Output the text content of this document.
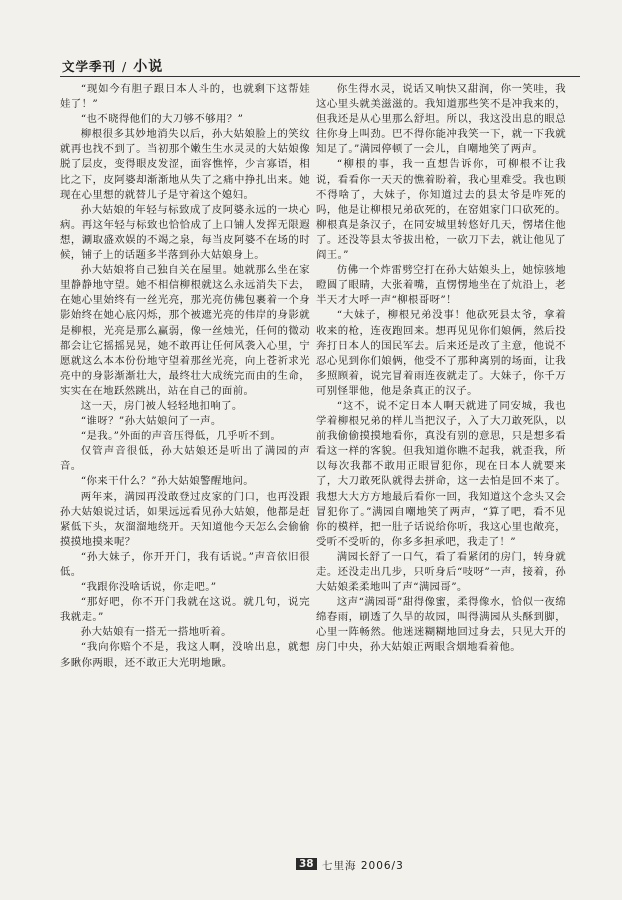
文学季刊 / 小说

“现如今有胆子跟日本人斗的，也就剩下这帮娃娃了！”

“也不晓得他们的大刀够不够用？”

柳根很多其妙地消失以后，孙大姑娘脸上的笑纹就再也找不到了。当初那个嫩生生水灵灵的大姑娘像脱了层皮，变得眼皮发涩，面容憔悴，少言寡语，相比之下，皮阿婆却渐渐地从失了之痛中挣扎出来。她现在心里想的就替儿子是守着这个媳妇。

孙大姑娘的年轻与标致成了皮阿婆永远的一块心病。再这年轻与标致也恰恰成了上口铺人发挥无限遐想，涮取盛欢娱的不竭之泉，每当皮阿婆不在场的时候，铺子上的话题多半落到孙大姑娘身上。

孙大姑娘将自己独自关在屋里。她就那么坐在家里静静地守望。她不相信柳根就这么永远消失下去，在她心里始终有一丝光亮，那光亮仿佛包裹着一个身影始终在她心底闪烁，那个被遮光亮的伟岸的身影就是柳根，光亮是那么赢弱，像一丝烛光，任何的微动都会让它摇摇晃晃，她不敢再让任何风袭入心里，宁愿就这么本本份份地守望着那丝光亮，向上苍祈求光亮中的身影渐渐壮大，最终壮大成统完而由的生命，实实在在地跃然跳出，站在自己的面前。

这一天，房门被人轻轻地扣响了。

“谁呀？”孙大姑娘问了一声。

“是我。”外面的声音压得低，几乎听不到。

仅管声音很低，孙大姑娘还是听出了满园的声音。

“你来干什么？”孙大姑娘警醒地问。

两年来，满园再没敢登过皮家的门口，也再没跟孙大姑娘说过话，如果远远看见孙大姑娘，他都是赶紧低下头，灰溜溜地绕开。天知道他今天怎么会偷偷摸摸地摸来呢？

“孙大妹子，你开开门，我有话说。”声音依旧很低。

“我跟你没啥话说，你走吧。”

“那好吧，你不开门我就在这说。就几句，说完我就走。”

孙大姑娘有一搭无一搭地听着。

“我向你赔个不是，我这人啊，没啥出息，就想多瞅你两眼，还不敢正大光明地瞅。

你生得水灵，说话又响快又甜润，你一笑哇，我这心里头就美滋滋的。我知道那些笑不是冲我来的，但我还是从心里那么舒坦。所以，我这没出息的眼总往你身上叫劲。巴不得你能冲我笑一下，就一下我就知足了。”满园停顿了一会儿，自嘲地笑了两声。

“柳根的事，我一直想告诉你，可柳根不让我说，看看你一天天的憔着盼着，我心里难受。我也顾不得啥了，大妹子，你知道过去的县太爷是咋死的吗，他是让柳根兄弟砍死的，在窑姐家门口砍死的。柳根真是条汉子，在同安城里转悠好几天，愣堵住他了。还没等县太爷拔出枪，一砍刀下去，就让他见了阎王。”

仿佛一个炸雷劈空打在孙大姑娘头上，她惊骇地瞪圆了眼睛，大张着嘴，直愣愣地坐在了炕沿上，老半天才大呼一声“柳根哥呀”！

“大妹子，柳根兄弟没事！他砍死县太爷，拿着收来的枪，连夜跑回来。想再见见你们娘俩，然后投奔打日本人的国民军去。后来还是改了主意，他说不忍心见到你们娘俩，他受不了那种离别的场面，让我多照顾着，说完冒着雨连夜就走了。大妹子，你千万可别怪罪他，他是条真正的汉子。

“这不，说不定日本人啊天就进了同安城，我也学着柳根兄弟的样儿当把汉子，入了大刀敢死队，以前我偷偷摸摸地看你，真没有别的意思，只是想多看看这一样的客貌。但我知道你瞧不起我，就歪我，所以每次我都不敢用正眼冒犯你，现在日本人就要来了，大刀敢死队就得去拼命，这一去怕是回不来了。我想大大方方地最后看你一回，我知道这个念头又会冒犯你了。”满园自嘲地笑了两声，“算了吧，看不见你的模样，把一肚子话说给你听，我这心里也敞亮，受听不受听的，你多多担承吧，我走了！”

满园长舒了一口气，看了看紧闭的房门，转身就走。还没走出几步，只听身后“吱呀”一声，接着，孙大姑娘柔柔地叫了声“满园哥”。

这声“满园哥”甜得像蜜，柔得像水，恰似一夜绵绵春雨，刷透了久旱的故园，叫得满园从头酥到脚，心里一阵畅然。他迷迷糊糊地回过身去，只见大开的房门中央，孙大姑娘正两眼含烟地看着他。

38 七里海 2006/3
